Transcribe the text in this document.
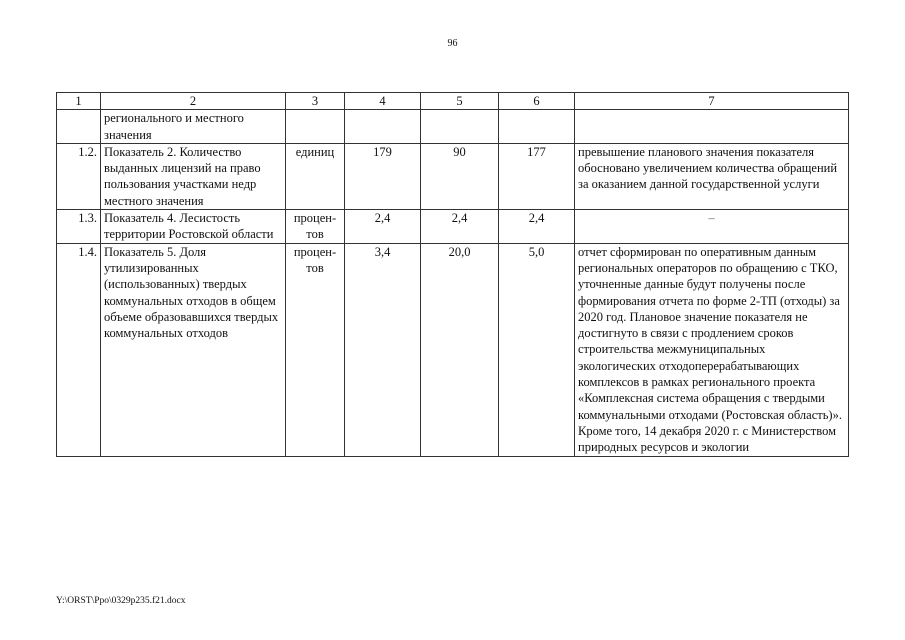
96
1	2	3	4	5	6	7
	регионального и местного значения					
1.2.	Показатель 2. Количество выданных лицензий на право пользования участками недр местного значения	единиц	179	90	177	превышение планового значения показателя обосновано увеличением количества обращений за оказанием данной государственной услуги
1.3.	Показатель 4. Лесистость территории Ростовской области	процен-тов	2,4	2,4	2,4	–
1.4.	Показатель 5. Доля утилизированных (использованных) твердых коммунальных отходов в общем объеме образовавшихся твердых коммунальных отходов	процен-тов	3,4	20,0	5,0	отчет сформирован по оперативным данным региональных операторов по обращению с ТКО, уточненные данные будут получены после формирования отчета по форме 2-ТП (отходы) за 2020 год. Плановое значение показателя не достигнуто в связи с продлением сроков строительства межмуниципальных экологических отходоперерабатывающих комплексов в рамках регионального проекта «Комплексная система обращения с твердыми коммунальными отходами (Ростовская область)». Кроме того, 14 декабря 2020 г. с Министерством природных ресурсов и экологии
Y:\ORST\Ppo\0329p235.f21.docx
